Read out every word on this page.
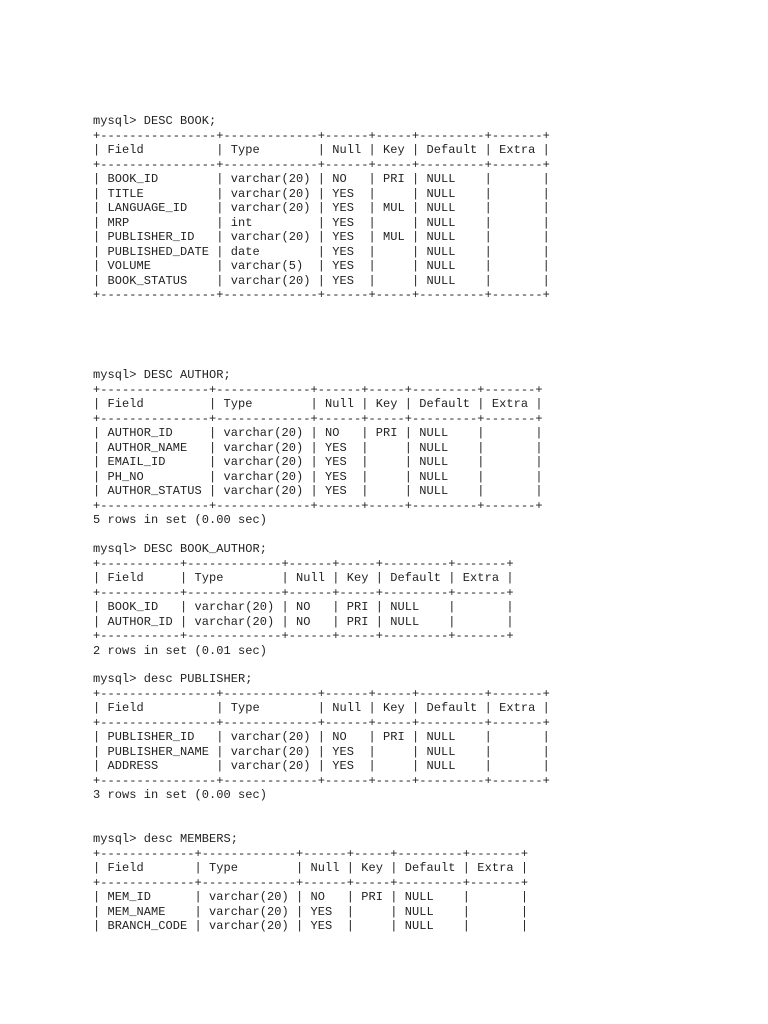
mysql> DESC BOOK;
+----------------+-------------+------+-----+---------+-------+
| Field          | Type        | Null | Key | Default | Extra |
+----------------+-------------+------+-----+---------+-------+
| BOOK_ID        | varchar(20) | NO   | PRI | NULL    |       |
| TITLE          | varchar(20) | YES  |     | NULL    |       |
| LANGUAGE_ID    | varchar(20) | YES  | MUL | NULL    |       |
| MRP            | int         | YES  |     | NULL    |       |
| PUBLISHER_ID   | varchar(20) | YES  | MUL | NULL    |       |
| PUBLISHED_DATE | date        | YES  |     | NULL    |       |
| VOLUME         | varchar(5)  | YES  |     | NULL    |       |
| BOOK_STATUS    | varchar(20) | YES  |     | NULL    |       |
+----------------+-------------+------+-----+---------+-------+
mysql> DESC AUTHOR;
+---------------+-------------+------+-----+---------+-------+
| Field         | Type        | Null | Key | Default | Extra |
+---------------+-------------+------+-----+---------+-------+
| AUTHOR_ID     | varchar(20) | NO   | PRI | NULL    |       |
| AUTHOR_NAME   | varchar(20) | YES  |     | NULL    |       |
| EMAIL_ID      | varchar(20) | YES  |     | NULL    |       |
| PH_NO         | varchar(20) | YES  |     | NULL    |       |
| AUTHOR_STATUS | varchar(20) | YES  |     | NULL    |       |
+---------------+-------------+------+-----+---------+-------+
5 rows in set (0.00 sec)
mysql> DESC BOOK_AUTHOR;
+-----------+-------------+------+-----+---------+-------+
| Field     | Type        | Null | Key | Default | Extra |
+-----------+-------------+------+-----+---------+-------+
| BOOK_ID   | varchar(20) | NO   | PRI | NULL    |       |
| AUTHOR_ID | varchar(20) | NO   | PRI | NULL    |       |
+-----------+-------------+------+-----+---------+-------+
2 rows in set (0.01 sec)
mysql> desc PUBLISHER;
+----------------+-------------+------+-----+---------+-------+
| Field          | Type        | Null | Key | Default | Extra |
+----------------+-------------+------+-----+---------+-------+
| PUBLISHER_ID   | varchar(20) | NO   | PRI | NULL    |       |
| PUBLISHER_NAME | varchar(20) | YES  |     | NULL    |       |
| ADDRESS        | varchar(20) | YES  |     | NULL    |       |
+----------------+-------------+------+-----+---------+-------+
3 rows in set (0.00 sec)
mysql> desc MEMBERS;
+-------------+-------------+------+-----+---------+-------+
| Field       | Type        | Null | Key | Default | Extra |
+-------------+-------------+------+-----+---------+-------+
| MEM_ID      | varchar(20) | NO   | PRI | NULL    |       |
| MEM_NAME    | varchar(20) | YES  |     | NULL    |       |
| BRANCH_CODE | varchar(20) | YES  |     | NULL    |       |
